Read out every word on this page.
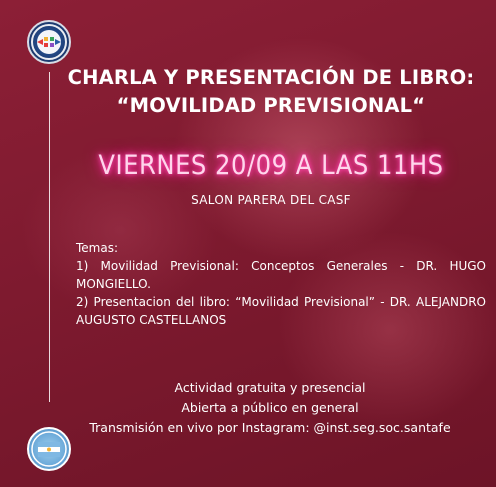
CHARLA Y PRESENTACIÓN DE LIBRO:
“MOVILIDAD PREVISIONAL“
VIERNES 20/09 A LAS 11HS
SALON PARERA DEL CASF
Temas:
1) Movilidad Previsional: Conceptos Generales - DR. HUGO MONGIELLO.
2) Presentacion del libro: “Movilidad Previsional” - DR. ALEJANDRO AUGUSTO CASTELLANOS
Actividad gratuita y presencial
Abierta a público en general
Transmisión en vivo por Instagram: @inst.seg.soc.santafe
